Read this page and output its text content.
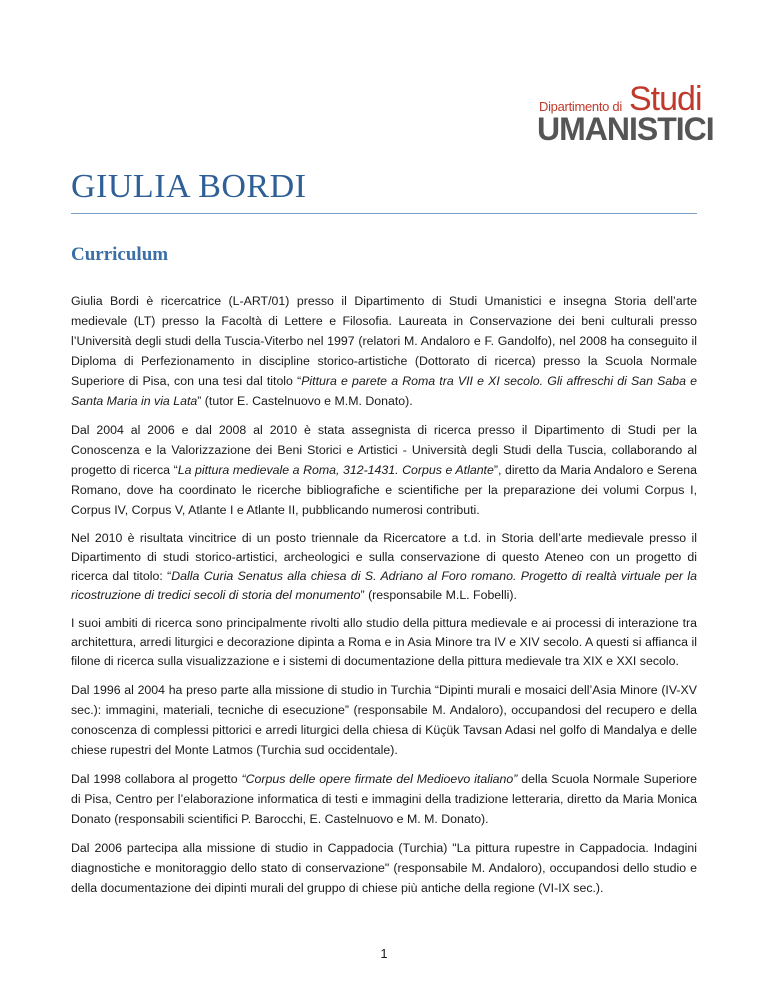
Dipartimento di Studi
UMANISTICI
GIULIA BORDI
Curriculum

Giulia Bordi è ricercatrice (L-ART/01) presso il Dipartimento di Studi Umanistici e insegna Storia dell’arte medievale (LT) presso la Facoltà di Lettere e Filosofia. Laureata in Conservazione dei beni culturali presso l’Università degli studi della Tuscia-Viterbo nel 1997 (relatori M. Andaloro e F. Gandolfo), nel 2008 ha conseguito il Diploma di Perfezionamento in discipline storico-artistiche (Dottorato di ricerca) presso la Scuola Normale Superiore di Pisa, con una tesi dal titolo “Pittura e parete a Roma tra VII e XI secolo. Gli affreschi di San Saba e Santa Maria in via Lata” (tutor E. Castelnuovo e M.M. Donato).

Dal 2004 al 2006 e dal 2008 al 2010 è stata assegnista di ricerca presso il Dipartimento di Studi per la Conoscenza e la Valorizzazione dei Beni Storici e Artistici - Università degli Studi della Tuscia, collaborando al progetto di ricerca “La pittura medievale a Roma, 312-1431. Corpus e Atlante”, diretto da Maria Andaloro e Serena Romano, dove ha coordinato le ricerche bibliografiche e scientifiche per la preparazione dei volumi Corpus I, Corpus IV, Corpus V, Atlante I e Atlante II, pubblicando numerosi contributi.

Nel 2010 è risultata vincitrice di un posto triennale da Ricercatore a t.d. in Storia dell’arte medievale presso il Dipartimento di studi storico-artistici, archeologici e sulla conservazione di questo Ateneo con un progetto di ricerca dal titolo: “Dalla Curia Senatus alla chiesa di S. Adriano al Foro romano. Progetto di realtà virtuale per la ricostruzione di tredici secoli di storia del monumento” (responsabile M.L. Fobelli).

I suoi ambiti di ricerca sono principalmente rivolti allo studio della pittura medievale e ai processi di interazione tra architettura, arredi liturgici e decorazione dipinta a Roma e in Asia Minore tra IV e XIV secolo. A questi si affianca il filone di ricerca sulla visualizzazione e i sistemi di documentazione della pittura medievale tra XIX e XXI secolo.

Dal 1996 al 2004 ha preso parte alla missione di studio in Turchia “Dipinti murali e mosaici dell’Asia Minore (IV-XV sec.): immagini, materiali, tecniche di esecuzione” (responsabile M. Andaloro), occupandosi del recupero e della conoscenza di complessi pittorici e arredi liturgici della chiesa di Küçük Tavsan Adasi nel golfo di Mandalya e delle chiese rupestri del Monte Latmos (Turchia sud occidentale).

Dal 1998 collabora al progetto “Corpus delle opere firmate del Medioevo italiano” della Scuola Normale Superiore di Pisa, Centro per l’elaborazione informatica di testi e immagini della tradizione letteraria, diretto da Maria Monica Donato (responsabili scientifici P. Barocchi, E. Castelnuovo e M. M. Donato).

Dal 2006 partecipa alla missione di studio in Cappadocia (Turchia) "La pittura rupestre in Cappadocia. Indagini diagnostiche e monitoraggio dello stato di conservazione" (responsabile M. Andaloro), occupandosi dello studio e della documentazione dei dipinti murali del gruppo di chiese più antiche della regione (VI-IX sec.).

1
